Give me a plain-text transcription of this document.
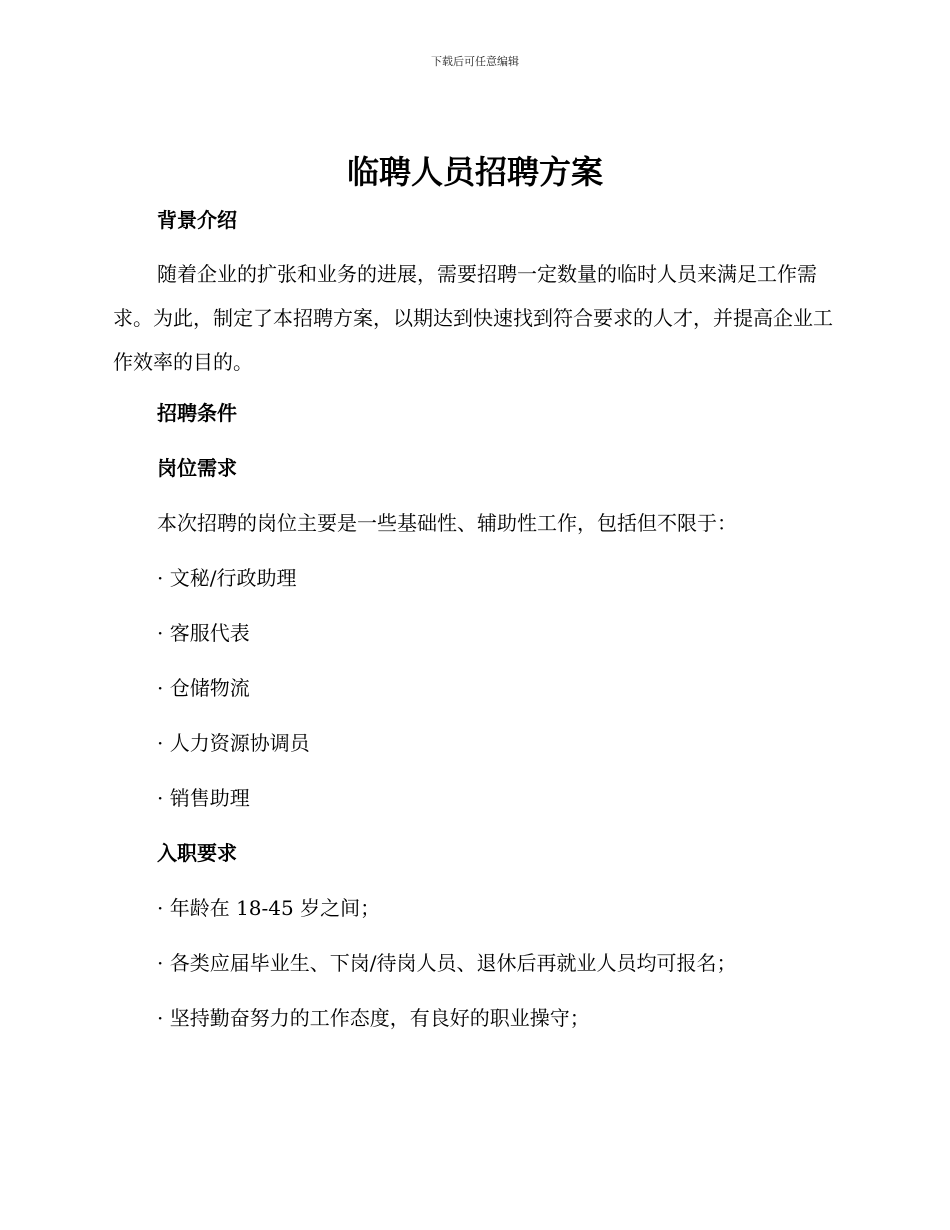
下载后可任意编辑
临聘人员招聘方案
背景介绍

随着企业的扩张和业务的进展，需要招聘一定数量的临时人员来满足工作需求。为此，制定了本招聘方案，以期达到快速找到符合要求的人才，并提高企业工作效率的目的。

招聘条件
岗位需求

本次招聘的岗位主要是一些基础性、辅助性工作，包括但不限于：

· 文秘/行政助理

· 客服代表

· 仓储物流

· 人力资源协调员

· 销售助理

入职要求

· 年龄在 18-45 岁之间；

· 各类应届毕业生、下岗/待岗人员、退休后再就业人员均可报名；

· 坚持勤奋努力的工作态度，有良好的职业操守；
